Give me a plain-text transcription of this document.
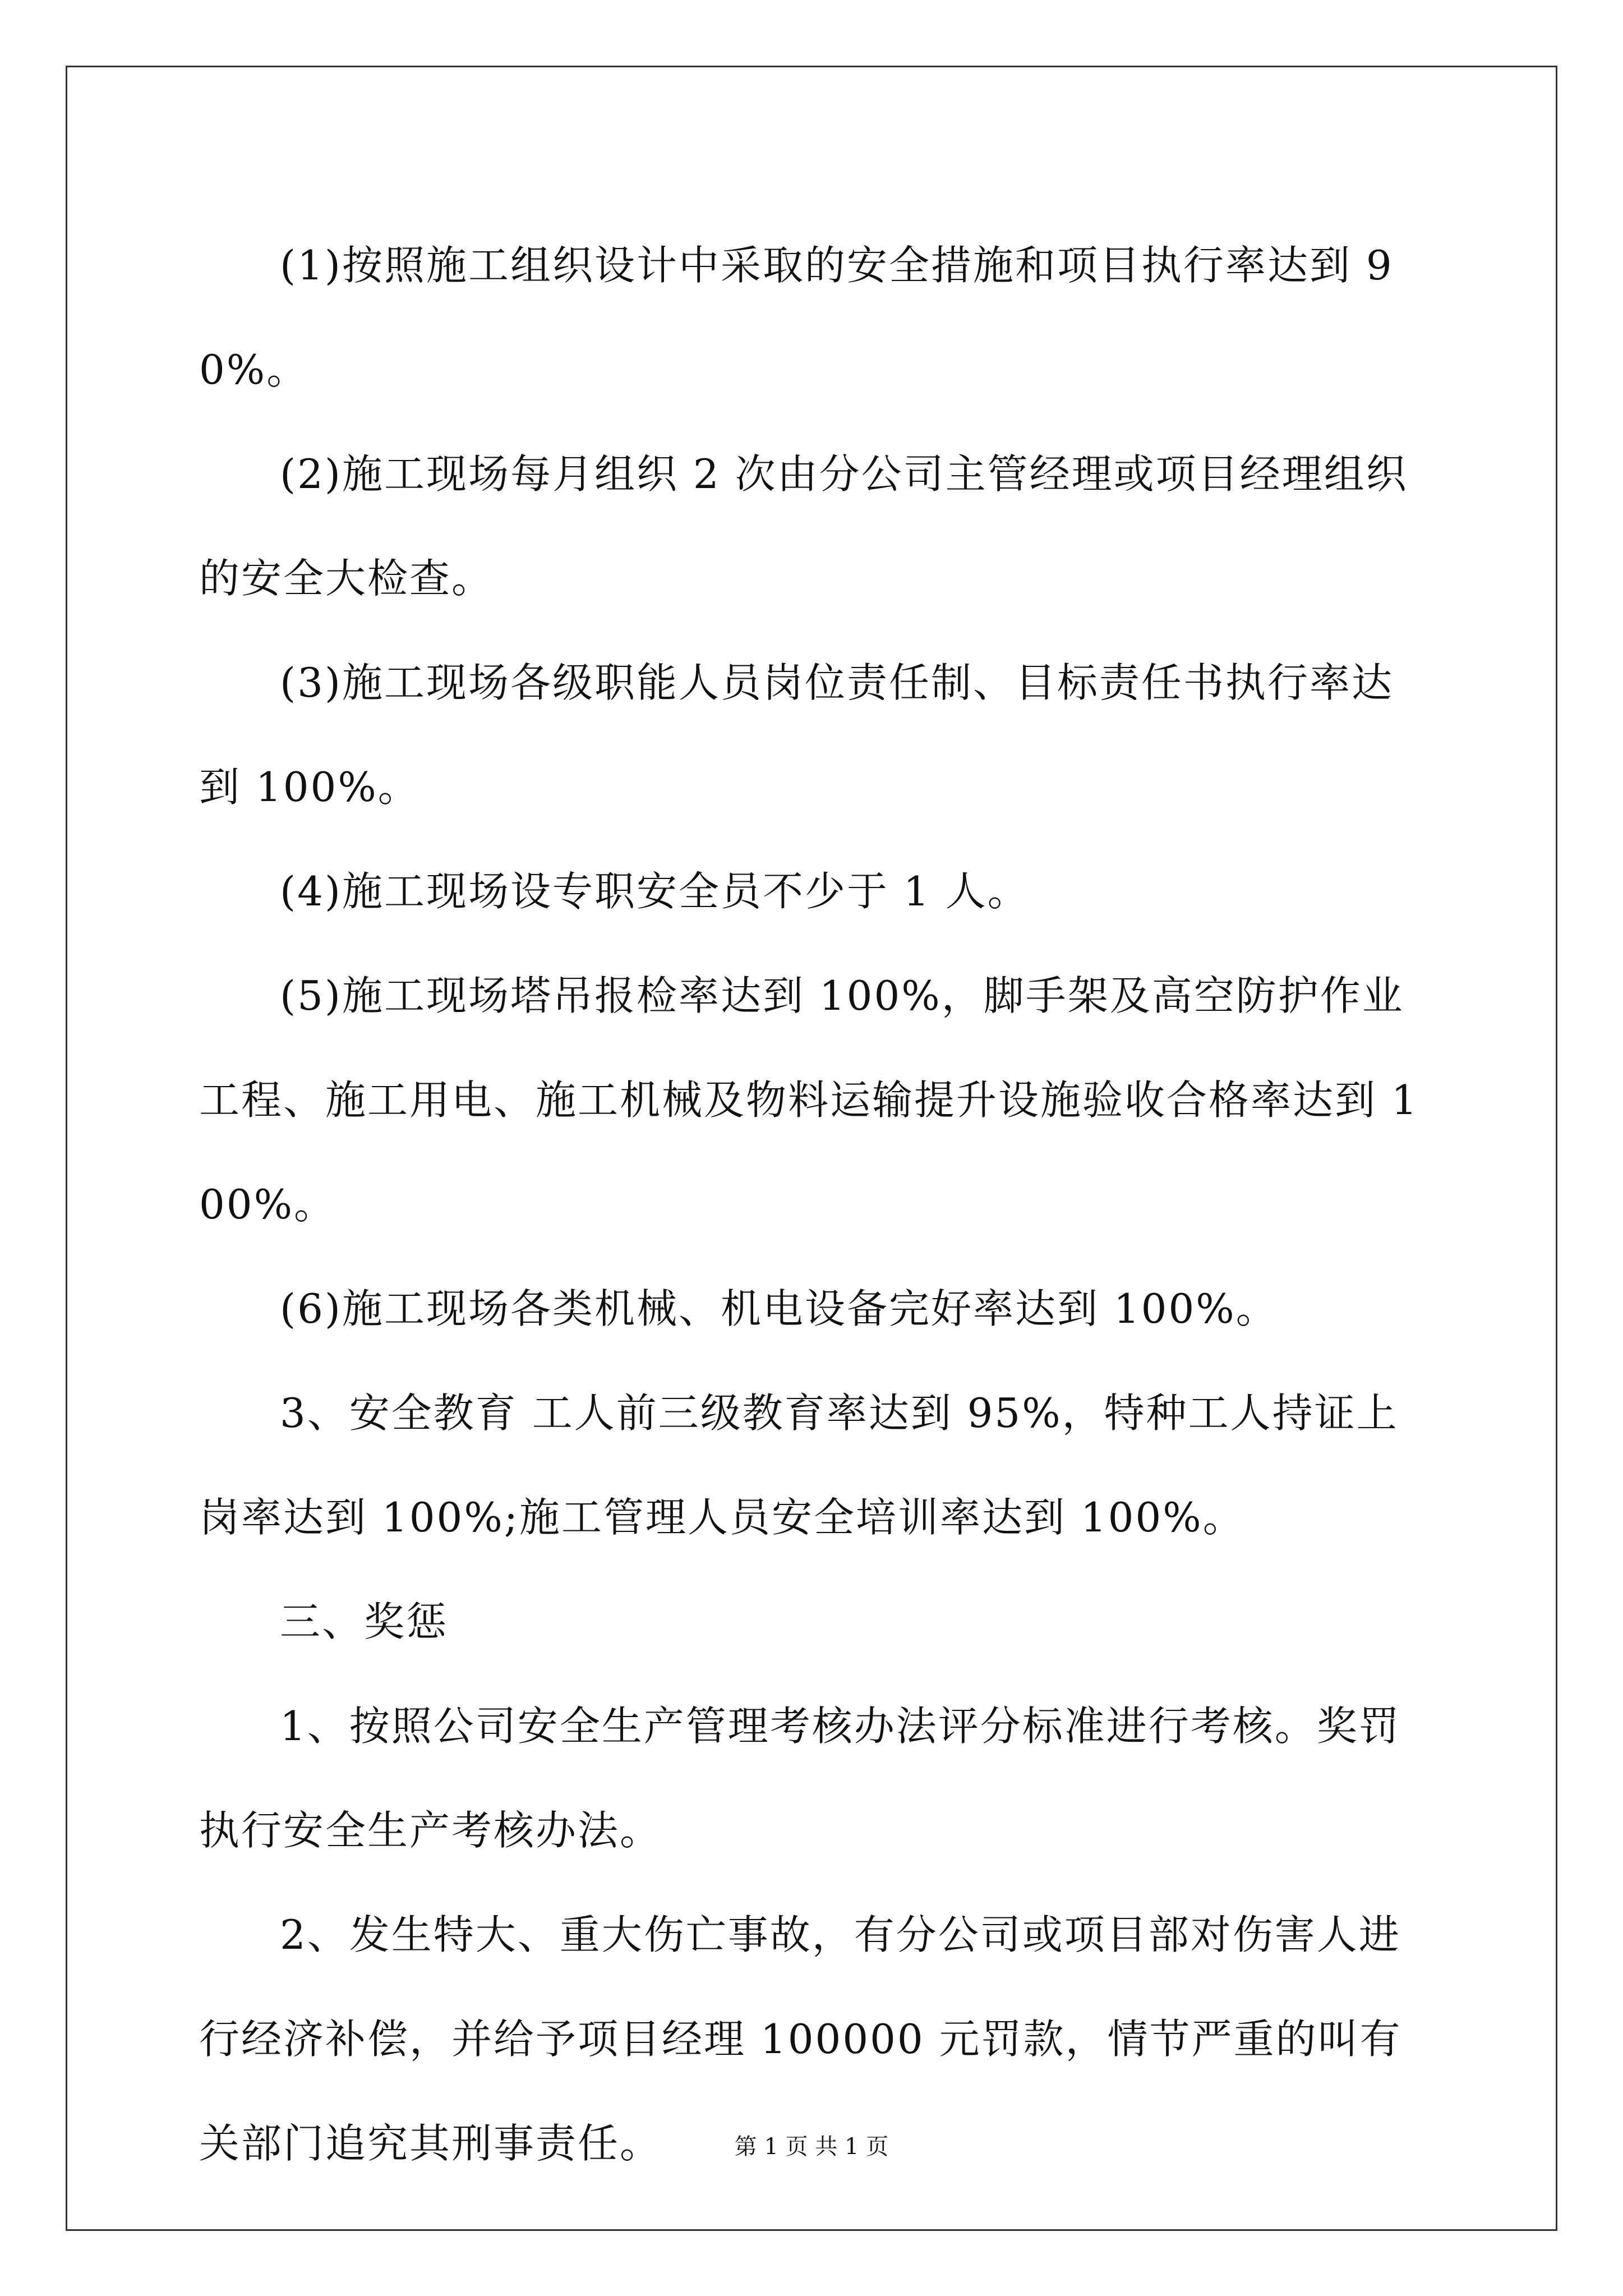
(1)按照施工组织设计中采取的安全措施和项目执行率达到 90%。

(2)施工现场每月组织 2 次由分公司主管经理或项目经理组织的安全大检查。

(3)施工现场各级职能人员岗位责任制、目标责任书执行率达到 100%。

(4)施工现场设专职安全员不少于 1 人。

(5)施工现场塔吊报检率达到 100%，脚手架及高空防护作业工程、施工用电、施工机械及物料运输提升设施验收合格率达到 100%。

(6)施工现场各类机械、机电设备完好率达到 100%。

3、安全教育 工人前三级教育率达到 95%，特种工人持证上岗率达到 100%;施工管理人员安全培训率达到 100%。

三、奖惩

1、按照公司安全生产管理考核办法评分标准进行考核。奖罚执行安全生产考核办法。

2、发生特大、重大伤亡事故，有分公司或项目部对伤害人进行经济补偿，并给予项目经理 100000 元罚款，情节严重的叫有关部门追究其刑事责任。	第 1 页 共 1 页
